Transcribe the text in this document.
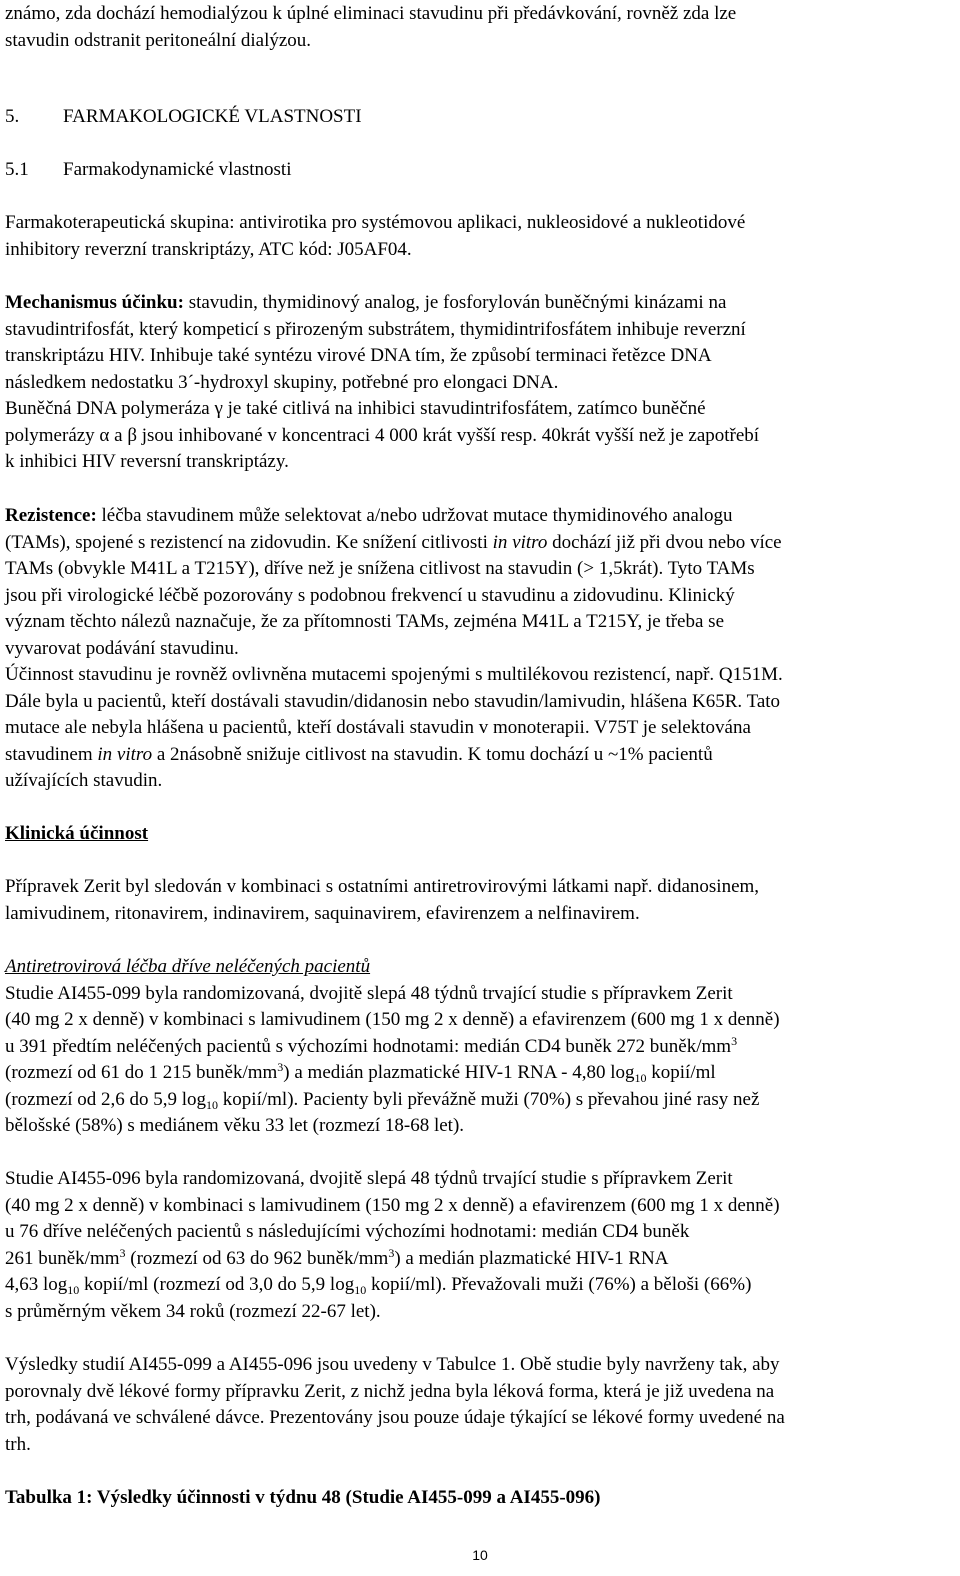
známo, zda dochází hemodialýzou k úplné eliminaci stavudinu při předávkování, rovněž zda lze
stavudin odstranit peritoneální dialýzou.
5. FARMAKOLOGICKÉ VLASTNOSTI
5.1 Farmakodynamické vlastnosti
Farmakoterapeutická skupina: antivirotika pro systémovou aplikaci, nukleosidové a nukleotidové
inhibitory reverzní transkriptázy, ATC kód: J05AF04.
Mechanismus účinku: stavudin, thymidinový analog, je fosforylován buněčnými kinázami na
stavudintrifosfát, který kompeticí s přirozeným substrátem, thymidintrifosfátem inhibuje reverzní
transkriptázu HIV. Inhibuje také syntézu virové DNA tím, že způsobí terminaci řetězce DNA
následkem nedostatku 3´-hydroxyl skupiny, potřebné pro elongaci DNA.
Buněčná DNA polymeráza γ je také citlivá na inhibici stavudintrifosfátem, zatímco buněčné
polymerázy α a β jsou inhibované v koncentraci 4 000 krát vyšší resp. 40krát vyšší než je zapotřebí
k inhibici HIV reversní transkriptázy.
Rezistence: léčba stavudinem může selektovat a/nebo udržovat mutace thymidinového analogu
(TAMs), spojené s rezistencí na zidovudin. Ke snížení citlivosti in vitro dochází již při dvou nebo více
TAMs (obvykle M41L a T215Y), dříve než je snížena citlivost na stavudin (> 1,5krát). Tyto TAMs
jsou při virologické léčbě pozorovány s podobnou frekvencí u stavudinu a zidovudinu. Klinický
význam těchto nálezů naznačuje, že za přítomnosti TAMs, zejména M41L a T215Y, je třeba se
vyvarovat podávání stavudinu.
Účinnost stavudinu je rovněž ovlivněna mutacemi spojenými s multilékovou rezistencí, např. Q151M.
Dále byla u pacientů, kteří dostávali stavudin/didanosin nebo stavudin/lamivudin, hlášena K65R. Tato
mutace ale nebyla hlášena u pacientů, kteří dostávali stavudin v monoterapii. V75T je selektována
stavudinem in vitro a 2násobně snižuje citlivost na stavudin. K tomu dochází u ~1% pacientů
užívajících stavudin.
Klinická účinnost
Přípravek Zerit byl sledován v kombinaci s ostatními antiretrovirovými látkami např. didanosinem,
lamivudinem, ritonavirem, indinavirem, saquinavirem, efavirenzem a nelfinavirem.
Antiretrovirová léčba dříve neléčených pacientů
Studie AI455-099 byla randomizovaná, dvojitě slepá 48 týdnů trvající studie s přípravkem Zerit
(40 mg 2 x denně) v kombinaci s lamivudinem (150 mg 2 x denně) a efavirenzem (600 mg 1 x denně)
u 391 předtím neléčených pacientů s výchozími hodnotami: medián CD4 buněk 272 buněk/$mm^3$
(rozmezí od 61 do 1 215 buněk/$mm^3$) a medián plazmatické HIV-1 RNA - 4,80 $\log_{10}$ kopií/ml
(rozmezí od 2,6 do 5,9 $\log_{10}$ kopií/ml). Pacienty byli převážně muži (70%) s převahou jiné rasy než
bělošské (58%) s mediánem věku 33 let (rozmezí 18-68 let).
Studie AI455-096 byla randomizovaná, dvojitě slepá 48 týdnů trvající studie s přípravkem Zerit
(40 mg 2 x denně) v kombinaci s lamivudinem (150 mg 2 x denně) a efavirenzem (600 mg 1 x denně)
u 76 dříve neléčených pacientů s následujícími výchozími hodnotami: medián CD4 buněk
261 buněk/$mm^3$ (rozmezí od 63 do 962 buněk/$mm^3$) a medián plazmatické HIV-1 RNA
4,63 $\log_{10}$ kopií/ml (rozmezí od 3,0 do 5,9 $\log_{10}$ kopií/ml). Převažovali muži (76%) a běloši (66%)
s průměrným věkem 34 roků (rozmezí 22-67 let).
Výsledky studií AI455-099 a AI455-096 jsou uvedeny v Tabulce 1. Obě studie byly navrženy tak, aby
porovnaly dvě lékové formy přípravku Zerit, z nichž jedna byla léková forma, která je již uvedena na
trh, podávaná ve schválené dávce. Prezentovány jsou pouze údaje týkající se lékové formy uvedené na
trh.
Tabulka 1: Výsledky účinnosti v týdnu 48 (Studie AI455-099 a AI455-096)
10
